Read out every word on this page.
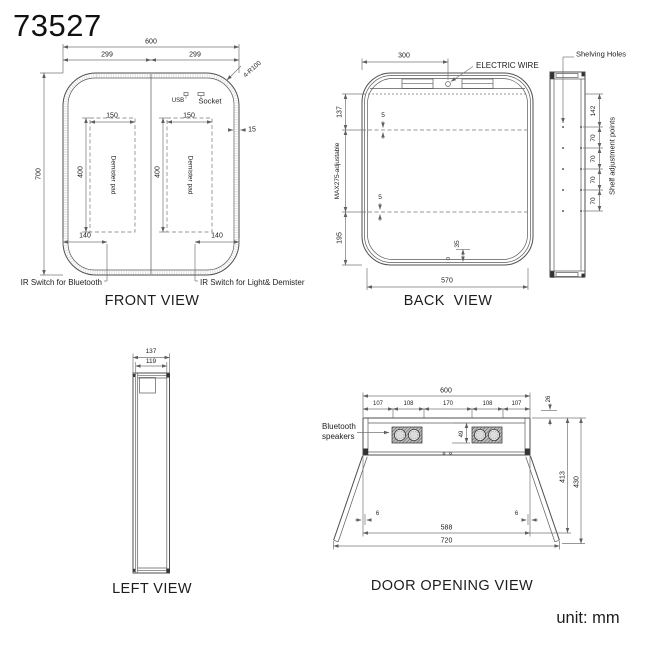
73527	600
299	299
700
4-R100
USB Socket
15
150	150
400	400
Demister pad	Demister pad
140	140
IR Switch for Bluetooth	IR Switch for Light& Demister
FRONT VIEW
300
ELECTRIC WIRE
137
MAX275-adjustable
195
5
5
35
570
BACK  VIEW
Shelving Holes
142
70
70
70
70
Shelf adjustment points
137
119
LEFT VIEW
600
107	108	170	108	107
26
49
Bluetooth
speakers
413 430
6	6
588
720
DOOR OPENING VIEW
unit: mm
